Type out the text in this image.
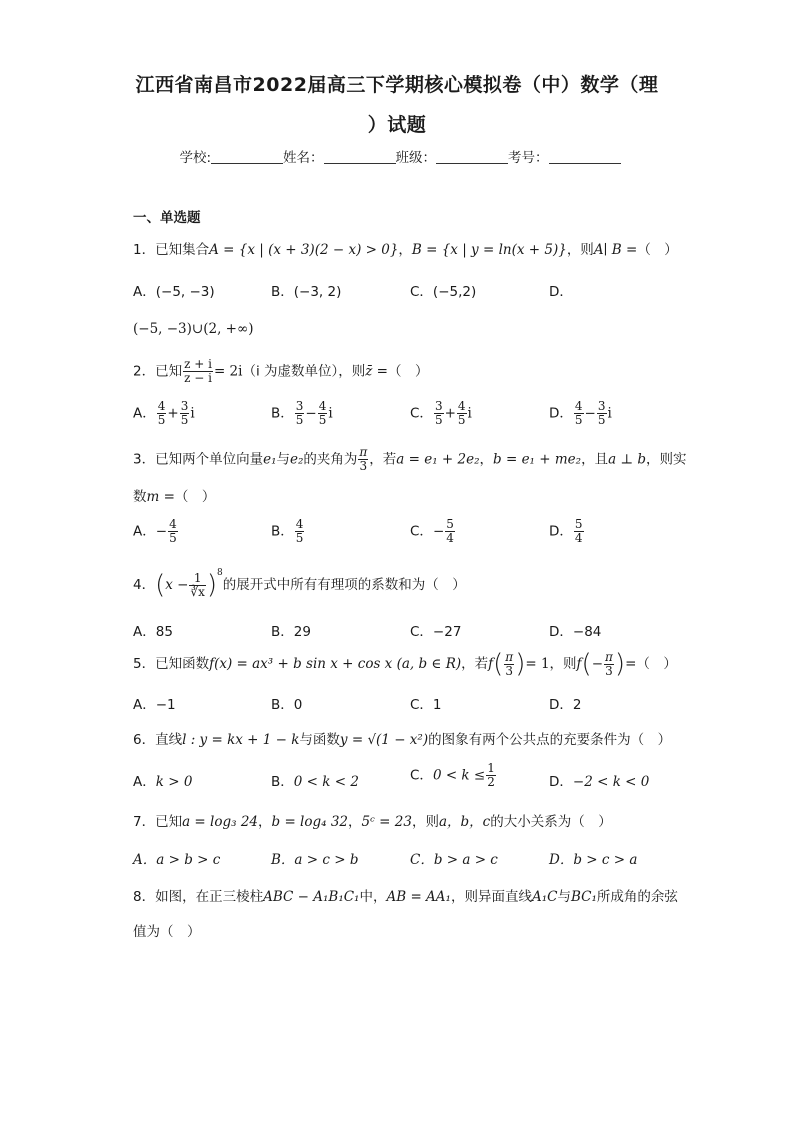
江西省南昌市2022届高三下学期核心模拟卷（中）数学（理
）试题
学校:	姓名：	班级：	考号：
一、单选题
1．已知集合A = {x | (x + 3)(2 − x) > 0}，B = {x | y = ln(x + 5)}，则A∣ B =（　）
A．(−5, −3)	B．(−3, 2)	C．(−5,2)	D．
(−5, −3)∪(2, +∞)
2．已知 $\frac{z + i}{z - i} = 2i(i$ 为虚数单位），则z̄ =（　）
A． $\frac{4}{5} + \frac{3}{5}$ i	B． $\frac{3}{5} - \frac{4}{5}$ i	C． $\frac{3}{5} + \frac{4}{5}$ i	D． $\frac{4}{5} - \frac{3}{5}$ i
3．已知两个单位向量e₁与e₂的夹角为 $\frac{\pi}{3}$ ，若a = e₁ + 2e₂，b = e₁ + me₂，且a ⊥ b，则实
数m =（　）
A．− $\frac{4}{5}$	B． $\frac{4}{5}$	C．− $\frac{5}{4}$	D． $\frac{5}{4}$
4．$(x - \frac{1}{∛x} )^8$的展开式中所有有理项的系数和为（　）
A．85	B．29	C．−27	D．−84
5．已知函数f(x) = ax³ + b sin x + cos x (a, b ∈ R)，若$f( \frac{\pi}{3}$ )= 1，则$f(- \frac{\pi}{3}$ )=（　）
A．−1	B．0	C．1	D．2
6．直线l : y = kx + 1 − k与函数y = √(1 − x²)的图象有两个公共点的充要条件为（　）
A．k > 0	B．0 < k < 2	C．$0 < k \le \frac{1}{2}$	D．−2 < k < 0
7．已知a = log₃ 24，b = log₄ 32，5ᶜ = 23，则a，b，c的大小关系为（　）
A．a > b > c	B．a > c > b	C．b > a > c	D．b > c > a
8．如图，在正三棱柱ABC − A₁B₁C₁中，AB = AA₁，则异面直线A₁C与BC₁所成角的余弦
值为（　）
